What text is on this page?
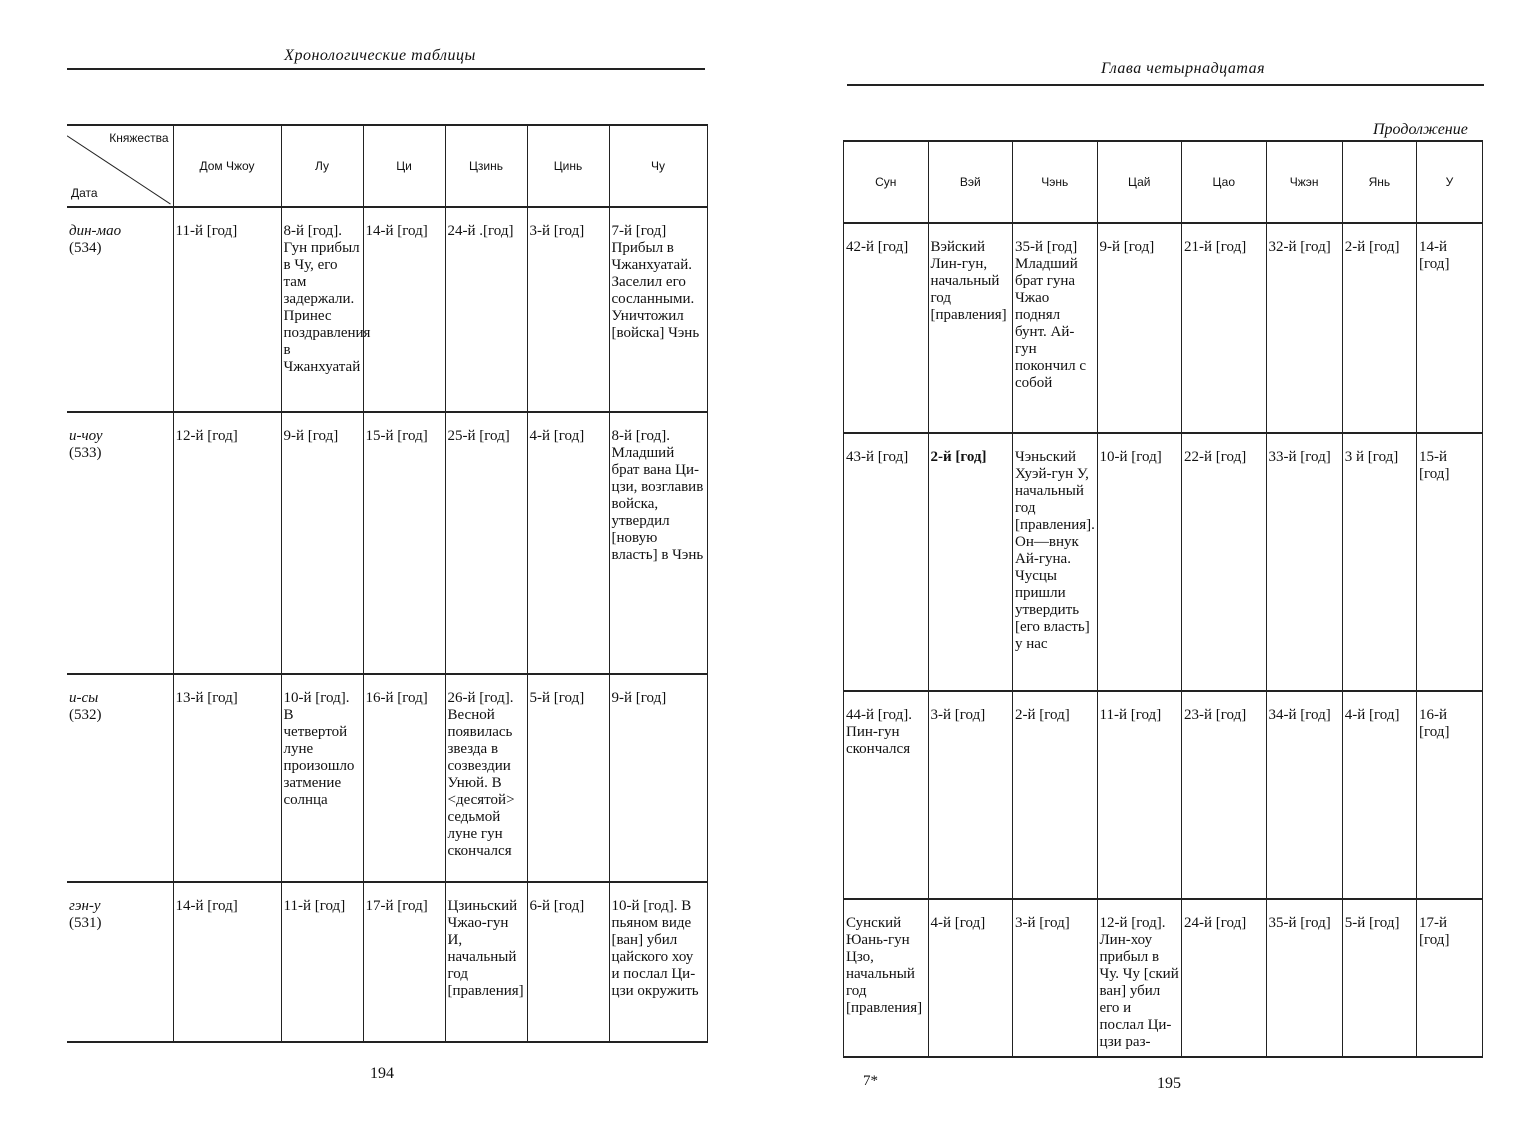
Хронологические таблицы
Княжества
Дата	Дом Чжоу	Лу	Ци	Цзинь	Цинь	Чу

дин-мао
(534)	11-й [год]	8-й [год]. Гун прибыл в Чу, его там задержали. Принес поздравления в Чжанхуатай	14-й [год]	24-й .[год]	3-й [год]	7-й [год] Прибыл в Чжанхуатай. Заселил его сосланными. Уничтожил [войска] Чэнь

и-чоу
(533)	12-й [год]	9-й [год]	15-й [год]	25-й [год]	4-й [год]	8-й [год]. Младший брат вана Ци-цзи, возглавив войска, утвердил [новую власть] в Чэнь

и-сы
(532)	13-й [год]	10-й [год]. В четвертой луне произошло затмение солнца	16-й [год]	26-й [год]. Весной появилась звезда в созвездии Унюй. В <десятой> седьмой луне гун скончался	5-й [год]	9-й [год]

гэн-у
(531)	14-й [год]	11-й [год]	17-й [год]	Цзиньский Чжао-гун И, начальный год [правления]	6-й [год]	10-й [год]. В пьяном виде [ван] убил цайского хоу и послал Ци-цзи окружить
194
Глава четырнадцатая
Продолжение
Сун	Вэй	Чэнь	Цай	Цао	Чжэн	Янь	У
42-й [год]	Вэйский Лин-гун, начальный год [правления]	35-й [год] Младший брат гуна Чжао поднял бунт. Ай-гун покончил с собой	9-й [год]	21-й [год]	32-й [год]	2-й [год]	14-й [год]
43-й [год]	2-й [год]	Чэньский Хуэй-гун У, начальный год [правления]. Он—внук Ай-гуна. Чусцы пришли утвердить [его власть] у нас	10-й [год]	22-й [год]	33-й [год]	3 й [год]	15-й [год]
44-й [год]. Пин-гун скончался	3-й [год]	2-й [год]	11-й [год]	23-й [год]	34-й [год]	4-й [год]	16-й [год]
Сунский Юань-гун Цзо, начальный год [правления]	4-й [год]	3-й [год]	12-й [год]. Лин-хоу прибыл в Чу. Чу [ский ван] убил его и послал Ци-цзи раз-	24-й [год]	35-й [год]	5-й [год]	17-й [год]
7*	195
